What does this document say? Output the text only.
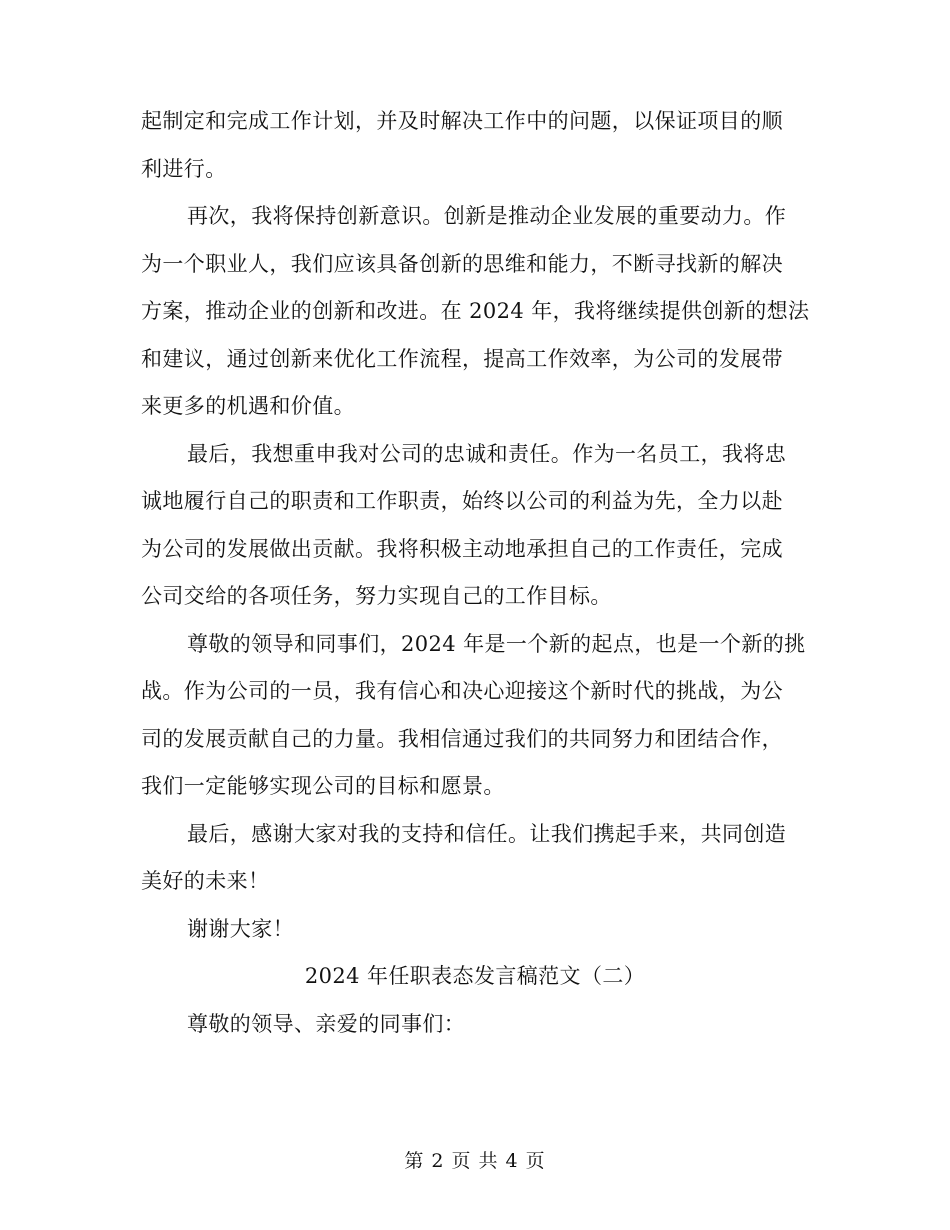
起制定和完成工作计划，并及时解决工作中的问题，以保证项目的顺
利进行。

再次，我将保持创新意识。创新是推动企业发展的重要动力。作
为一个职业人，我们应该具备创新的思维和能力，不断寻找新的解决
方案，推动企业的创新和改进。在 2024 年，我将继续提供创新的想法
和建议，通过创新来优化工作流程，提高工作效率，为公司的发展带
来更多的机遇和价值。

最后，我想重申我对公司的忠诚和责任。作为一名员工，我将忠
诚地履行自己的职责和工作职责，始终以公司的利益为先，全力以赴
为公司的发展做出贡献。我将积极主动地承担自己的工作责任，完成
公司交给的各项任务，努力实现自己的工作目标。

尊敬的领导和同事们，2024 年是一个新的起点，也是一个新的挑
战。作为公司的一员，我有信心和决心迎接这个新时代的挑战，为公
司的发展贡献自己的力量。我相信通过我们的共同努力和团结合作，
我们一定能够实现公司的目标和愿景。

最后，感谢大家对我的支持和信任。让我们携起手来，共同创造
美好的未来！

谢谢大家！

2024 年任职表态发言稿范文（二）

尊敬的领导、亲爱的同事们：

第 2 页 共 4 页
